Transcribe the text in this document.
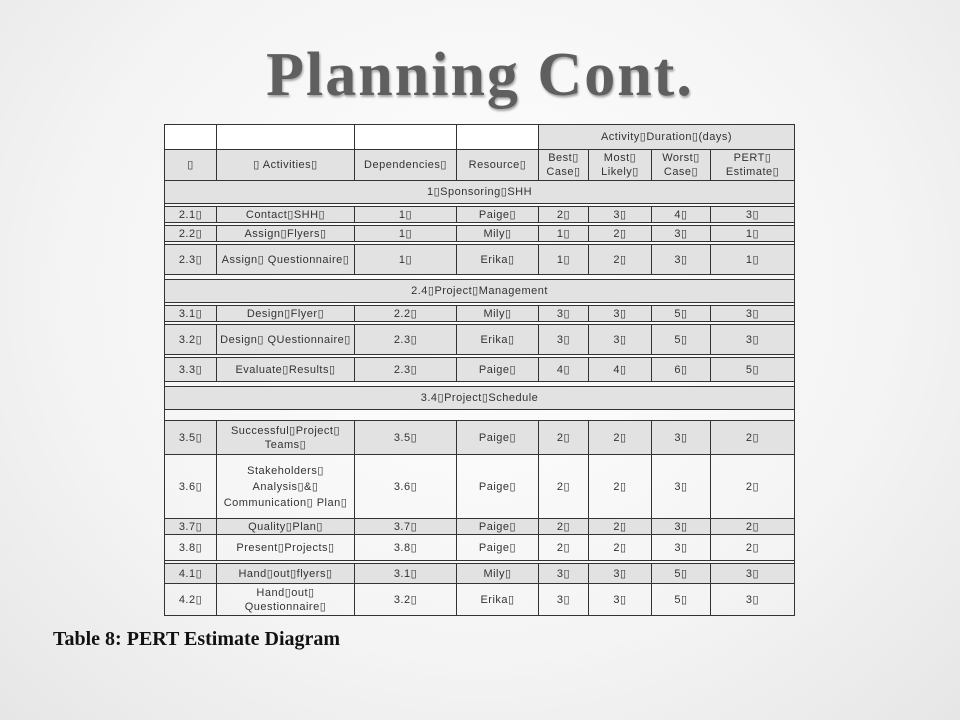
Planning Cont.
				Activity▯Duration▯(days)			
▯	▯ Activities▯	Dependencies▯	Resource▯	Best▯ Case▯	Most▯ Likely▯	Worst▯ Case▯	PERT▯ Estimate▯
1▯Sponsoring▯SHH							

2.1▯	Contact▯SHH▯	1▯	Paige▯	2▯	3▯	4▯	3▯

2.2▯	Assign▯Flyers▯	1▯	Mily▯	1▯	2▯	3▯	1▯

2.3▯	Assign▯ Questionnaire▯	1▯	Erika▯	1▯	2▯	3▯	1▯

2.4▯Project▯Management							

3.1▯	Design▯Flyer▯	2.2▯	Mily▯	3▯	3▯	5▯	3▯

3.2▯	Design▯ QUestionnaire▯	2.3▯	Erika▯	3▯	3▯	5▯	3▯

3.3▯	Evaluate▯Results▯	2.3▯	Paige▯	4▯	4▯	6▯	5▯

3.4▯Project▯Schedule							

3.5▯	Successful▯Project▯ Teams▯	3.5▯	Paige▯	2▯	2▯	3▯	2▯
3.6▯	Stakeholders▯ Analysis▯&▯ Communication▯ Plan▯	3.6▯	Paige▯	2▯	2▯	3▯	2▯
3.7▯	Quality▯Plan▯	3.7▯	Paige▯	2▯	2▯	3▯	2▯
3.8▯	Present▯Projects▯	3.8▯	Paige▯	2▯	2▯	3▯	2▯

4.1▯	Hand▯out▯flyers▯	3.1▯	Mily▯	3▯	3▯	5▯	3▯
4.2▯	Hand▯out▯ Questionnaire▯	3.2▯	Erika▯	3▯	3▯	5▯	3▯
Table 8: PERT Estimate Diagram
